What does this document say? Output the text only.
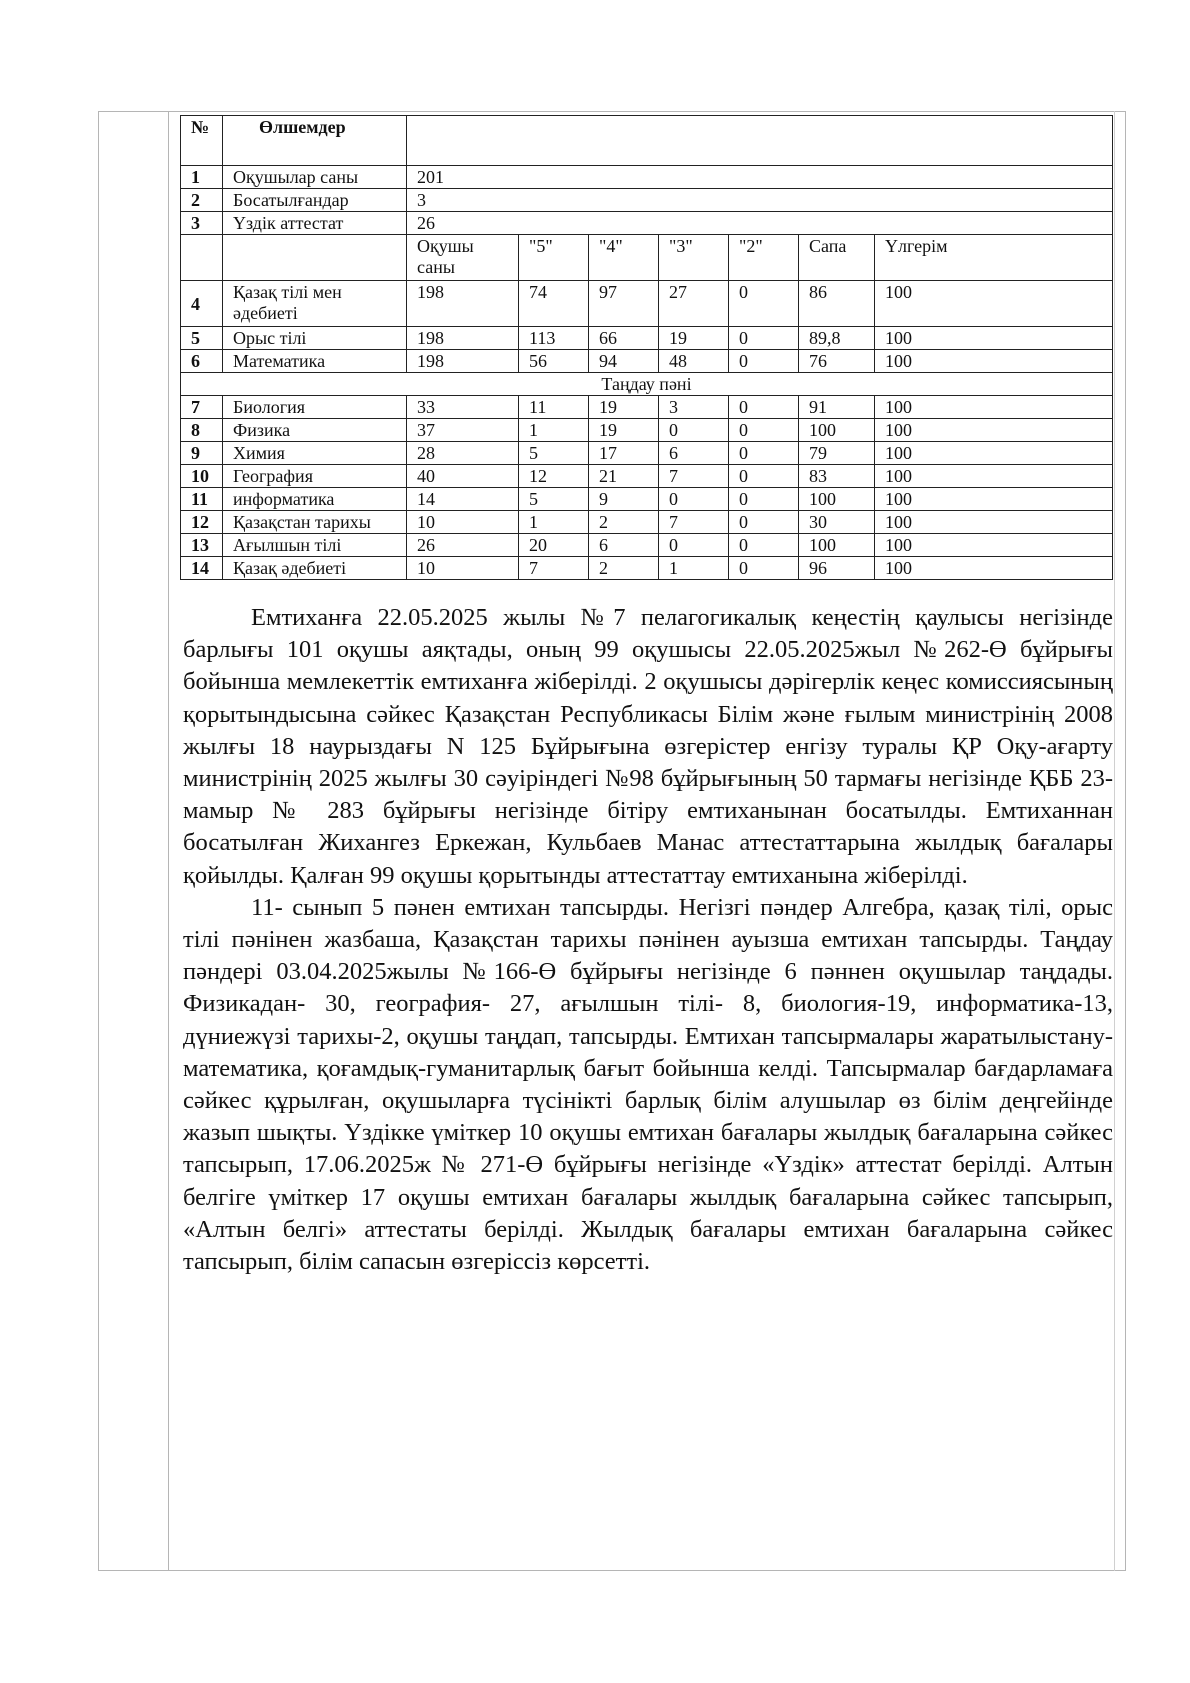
№	Өлшемдер							
1	Оқушылар саны	201						
2	Босатылғандар	3						
3	Үздік аттестат	26						
		Оқушы саны	"5"	"4"	"3"	"2"	Сапа	Үлгерім
4	Қазақ тілі мен әдебиеті	198	74	97	27	0	86	100
5	Орыс тілі	198	113	66	19	0	89,8	100
6	Математика	198	56	94	48	0	76	100
Таңдау пәні								
7	Биология	33	11	19	3	0	91	100
8	Физика	37	1	19	0	0	100	100
9	Химия	28	5	17	6	0	79	100
10	География	40	12	21	7	0	83	100
11	информатика	14	5	9	0	0	100	100
12	Қазақстан тарихы	10	1	2	7	0	30	100
13	Ағылшын тілі	26	20	6	0	0	100	100
14	Қазақ әдебиеті	10	7	2	1	0	96	100

Емтиханға 22.05.2025 жылы №7 пелагогикалық кеңестің қаулысы негізінде барлығы 101 оқушы аяқтады, оның 99 оқушысы 22.05.2025жыл №262-Ө бұйрығы бойынша мемлекеттік емтиханға жіберілді. 2 оқушысы дәрігерлік кеңес комиссиясының қорытындысына сәйкес Қазақстан Республикасы Білім және ғылым министрінің 2008 жылғы 18 наурыздағы N 125 Бұйрығына өзгерістер енгізу туралы ҚР Оқу-ағарту министрінің 2025 жылғы 30 сәуіріндегі №98 бұйрығының 50 тармағы негізінде ҚББ 23-мамыр № 283 бұйрығы негізінде бітіру емтиханынан босатылды. Емтиханнан босатылған Жихангез Еркежан, Кульбаев Манас аттестаттарына жылдық бағалары қойылды. Қалған 99 оқушы қорытынды аттестаттау емтиханына жіберілді.

11- сынып 5 пәнен емтихан тапсырды. Негізгі пәндер Алгебра, қазақ тілі, орыс тілі пәнінен жазбаша, Қазақстан тарихы пәнінен ауызша емтихан тапсырды. Таңдау пәндері 03.04.2025жылы №166-Ө бұйрығы негізінде 6 пәннен оқушылар таңдады. Физикадан- 30, география- 27, ағылшын тілі- 8, биология-19, информатика-13, дүниежүзі тарихы-2, оқушы таңдап, тапсырды. Емтихан тапсырмалары жаратылыстану- математика, қоғамдық-гуманитарлық бағыт бойынша келді. Тапсырмалар бағдарламаға сәйкес құрылған, оқушыларға түсінікті барлық білім алушылар өз білім деңгейінде жазып шықты. Үздікке үміткер 10 оқушы емтихан бағалары жылдық бағаларына сәйкес тапсырып, 17.06.2025ж № 271-Ө бұйрығы негізінде «Үздік» аттестат берілді. Алтын белгіге үміткер 17 оқушы емтихан бағалары жылдық бағаларына сәйкес тапсырып, «Алтын белгі» аттестаты берілді. Жылдық бағалары емтихан бағаларына сәйкес тапсырып, білім сапасын өзгеріссіз көрсетті.
